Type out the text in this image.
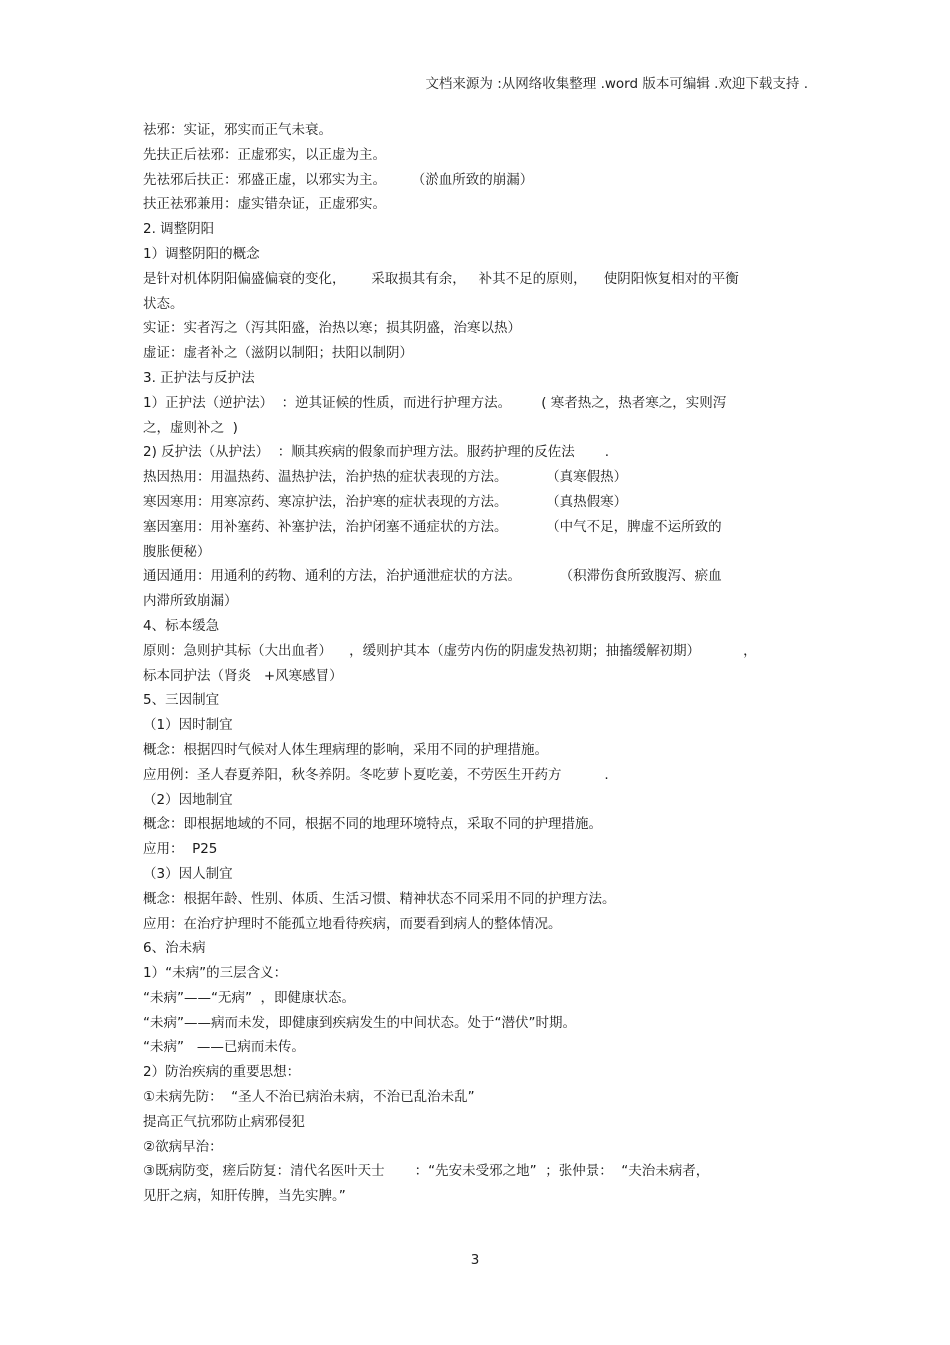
文档来源为 :从网络收集整理 .word 版本可编辑 .欢迎下载支持 .

祛邪：实证，邪实而正气未衰。

先扶正后祛邪：正虚邪实，以正虚为主。

先祛邪后扶正：邪盛正虚，以邪实为主。      （淤血所致的崩漏）

扶正祛邪兼用：虚实错杂证，正虚邪实。

2. 调整阴阳

1）调整阴阳的概念

是针对机体阴阳偏盛偏衰的变化，      采取损其有余，   补其不足的原则，    使阴阳恢复相对的平衡

状态。

实证：实者泻之（泻其阳盛，治热以寒；损其阴盛，治寒以热）

虚证：虚者补之（滋阴以制阳；扶阳以制阴）

3. 正护法与反护法

1）正护法（逆护法）  ：逆其证候的性质，而进行护理方法。       ( 寒者热之，热者寒之，实则泻

之，虚则补之  )

2) 反护法（从护法）  ：顺其疾病的假象而护理方法。服药护理的反佐法       .

热因热用：用温热药、温热护法，治护热的症状表现的方法。         （真寒假热）

寒因寒用：用寒凉药、寒凉护法，治护寒的症状表现的方法。         （真热假寒）

塞因塞用：用补塞药、补塞护法，治护闭塞不通症状的方法。         （中气不足，脾虚不运所致的

腹胀便秘）

通因通用：用通利的药物、通利的方法，治护通泄症状的方法。         （积滞伤食所致腹泻、瘀血

内滞所致崩漏）

4、标本缓急

原则：急则护其标（大出血者）    ，缓则护其本（虚劳内伤的阴虚发热初期；抽搐缓解初期）          ，

标本同护法（肾炎   +风寒感冒）

5、三因制宜

（1）因时制宜

概念：根据四时气候对人体生理病理的影响，采用不同的护理措施。

应用例：圣人春夏养阳，秋冬养阴。冬吃萝卜夏吃姜，不劳医生开药方          .

（2）因地制宜

概念：即根据地域的不同，根据不同的地理环境特点，采取不同的护理措施。

应用：  P25

（3）因人制宜

概念：根据年龄、性别、体质、生活习惯、精神状态不同采用不同的护理方法。

应用：在治疗护理时不能孤立地看待疾病，而要看到病人的整体情况。

6、治未病

1）“未病”的三层含义：

“未病”——“无病”  ，即健康状态。

“未病”——病而未发，即健康到疾病发生的中间状态。处于“潜伏”时期。

“未病”   ——已病而未传。

2）防治疾病的重要思想：

①未病先防：  “圣人不治已病治未病，不治已乱治未乱”

提高正气抗邪防止病邪侵犯

②欲病早治：

③既病防变，瘥后防复：清代名医叶天士       ：“先安未受邪之地”  ；张仲景：  “夫治未病者，

见肝之病，知肝传脾，当先实脾。”

3
